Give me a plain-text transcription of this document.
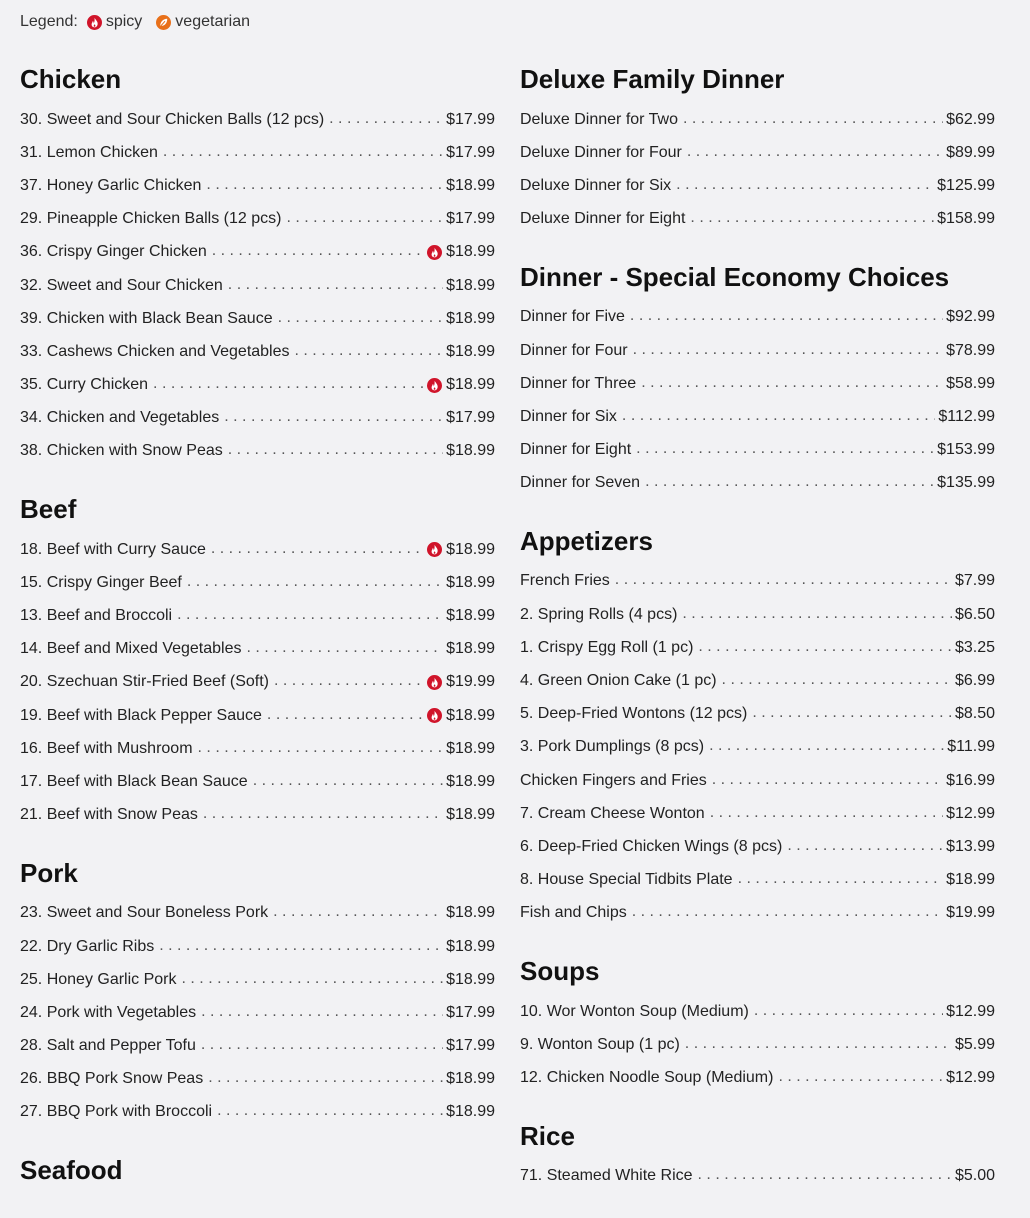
Legend: spicy vegetarian
Chicken
30. Sweet and Sour Chicken Balls (12 pcs) . . .	$17.99
31. Lemon Chicken . . .	$17.99
37. Honey Garlic Chicken . . .	$18.99
29. Pineapple Chicken Balls (12 pcs) . . .	$17.99
36. Crispy Ginger Chicken . . .	$18.99
32. Sweet and Sour Chicken . . .	$18.99
39. Chicken with Black Bean Sauce . . .	$18.99
33. Cashews Chicken and Vegetables . . .	$18.99
35. Curry Chicken . . .	$18.99
34. Chicken and Vegetables . . .	$17.99
38. Chicken with Snow Peas . . .	$18.99
Beef
18. Beef with Curry Sauce . . .	$18.99
15. Crispy Ginger Beef . . .	$18.99
13. Beef and Broccoli . . .	$18.99
14. Beef and Mixed Vegetables . . .	$18.99
20. Szechuan Stir-Fried Beef (Soft) . . .	$19.99
19. Beef with Black Pepper Sauce . . .	$18.99
16. Beef with Mushroom . . .	$18.99
17. Beef with Black Bean Sauce . . .	$18.99
21. Beef with Snow Peas . . .	$18.99
Pork
23. Sweet and Sour Boneless Pork . . .	$18.99
22. Dry Garlic Ribs . . .	$18.99
25. Honey Garlic Pork . . .	$18.99
24. Pork with Vegetables . . .	$17.99
28. Salt and Pepper Tofu . . .	$17.99
26. BBQ Pork Snow Peas . . .	$18.99
27. BBQ Pork with Broccoli . . .	$18.99
Seafood
Deluxe Family Dinner
Deluxe Dinner for Two . . .	$62.99
Deluxe Dinner for Four . . .	$89.99
Deluxe Dinner for Six . . .	$125.99
Deluxe Dinner for Eight . . .	$158.99
Dinner - Special Economy Choices
Dinner for Five . . .	$92.99
Dinner for Four . . .	$78.99
Dinner for Three . . .	$58.99
Dinner for Six . . .	$112.99
Dinner for Eight . . .	$153.99
Dinner for Seven . . .	$135.99
Appetizers
French Fries . . .	$7.99
2. Spring Rolls (4 pcs) . . .	$6.50
1. Crispy Egg Roll (1 pc) . . .	$3.25
4. Green Onion Cake (1 pc) . . .	$6.99
5. Deep-Fried Wontons (12 pcs) . . .	$8.50
3. Pork Dumplings (8 pcs) . . .	$11.99
Chicken Fingers and Fries . . .	$16.99
7. Cream Cheese Wonton . . .	$12.99
6. Deep-Fried Chicken Wings (8 pcs) . . .	$13.99
8. House Special Tidbits Plate . . .	$18.99
Fish and Chips . . .	$19.99
Soups
10. Wor Wonton Soup (Medium) . . .	$12.99
9. Wonton Soup (1 pc) . . .	$5.99
12. Chicken Noodle Soup (Medium) . . .	$12.99
Rice
71. Steamed White Rice . . .	$5.00
